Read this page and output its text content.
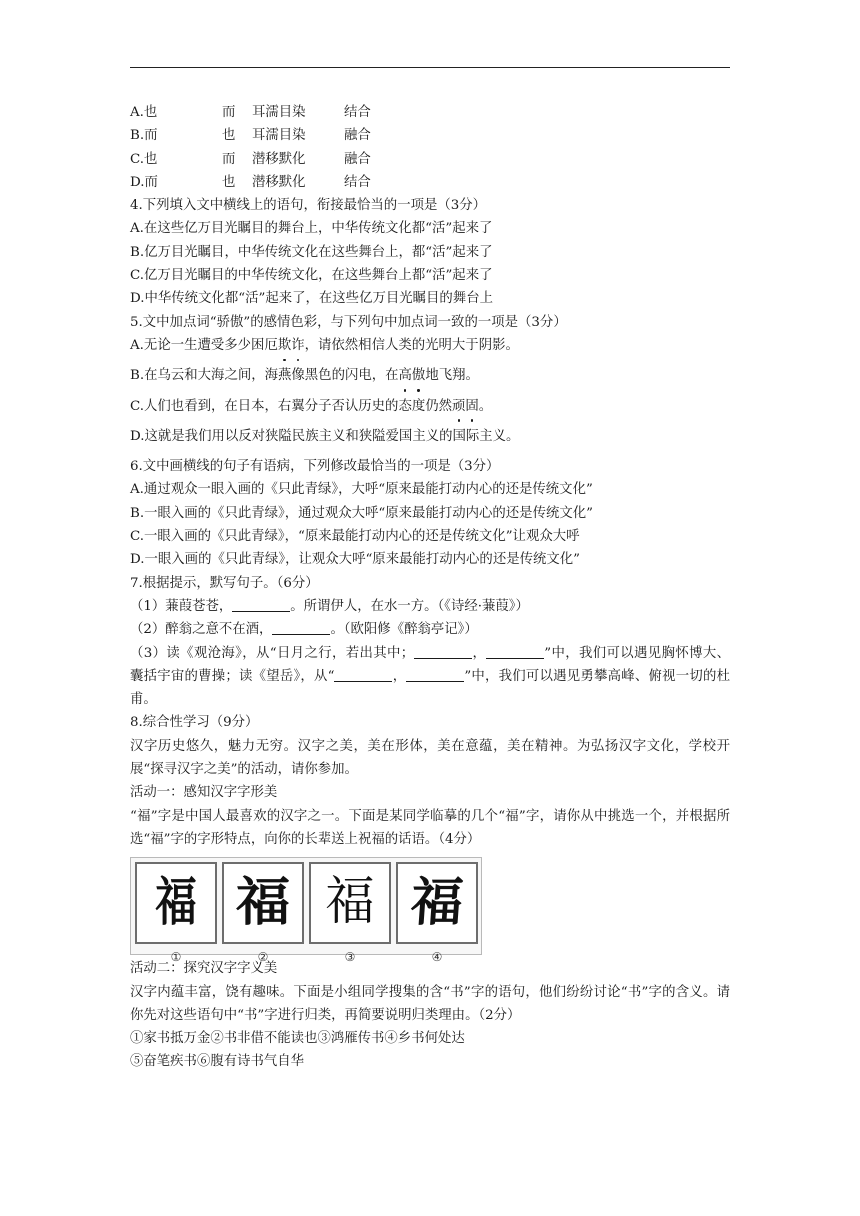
A.也	而 耳濡目染	结合
B.而	也 耳濡目染	融合
C.也	而 潜移默化	融合
D.而	也 潜移默化	结合
4.下列填入文中横线上的语句，衔接最恰当的一项是（3分）
A.在这些亿万目光瞩目的舞台上，中华传统文化都“活”起来了
B.亿万目光瞩目，中华传统文化在这些舞台上，都“活”起来了
C.亿万目光瞩目的中华传统文化，在这些舞台上都“活”起来了
D.中华传统文化都“活”起来了，在这些亿万目光瞩目的舞台上
5.文中加点词“骄傲”的感情色彩，与下列句中加点词一致的一项是（3分）
A.无论一生遭受多少困厄欺诈，请依然相信人类的光明大于阴影。
B.在乌云和大海之间，海燕像黑色的闪电，在高傲地飞翔。
C.人们也看到，在日本，右翼分子否认历史的态度仍然顽固。
D.这就是我们用以反对狭隘民族主义和狭隘爱国主义的国际主义。
6.文中画横线的句子有语病，下列修改最恰当的一项是（3分）
A.通过观众一眼入画的《只此青绿》，大呼“原来最能打动内心的还是传统文化”
B.一眼入画的《只此青绿》，通过观众大呼“原来最能打动内心的还是传统文化”
C.一眼入画的《只此青绿》，“原来最能打动内心的还是传统文化”让观众大呼
D.一眼入画的《只此青绿》，让观众大呼“原来最能打动内心的还是传统文化”
7.根据提示，默写句子。（6分）
（1）蒹葭苍苍，	。所谓伊人，在水一方。（《诗经·蒹葭》）
（2）醉翁之意不在酒，	。（欧阳修《醉翁亭记》）
（3）读《观沧海》，从“日月之行，若出其中；	，	”中，我们可以遇见胸怀博大、囊括宇宙的曹操；读《望岳》，从“	，	”中，我们可以遇见勇攀高峰、俯视一切的杜甫。
8.综合性学习（9分）
汉字历史悠久，魅力无穷。汉字之美，美在形体，美在意蕴，美在精神。为弘扬汉字文化，学校开展“探寻汉字之美”的活动，请你参加。
活动一：感知汉字字形美
“福”字是中国人最喜欢的汉字之一。下面是某同学临摹的几个“福”字，请你从中挑选一个，并根据所选“福”字的字形特点，向你的长辈送上祝福的话语。（4分）
福 福 福 福
①	②	③	④
活动二：探究汉字字义美
汉字内蕴丰富，饶有趣味。下面是小组同学搜集的含“书”字的语句，他们纷纷讨论“书”字的含义。请你先对这些语句中“书”字进行归类，再简要说明归类理由。（2分）
①家书抵万金②书非借不能读也③鸿雁传书④乡书何处达
⑤奋笔疾书⑥腹有诗书气自华
